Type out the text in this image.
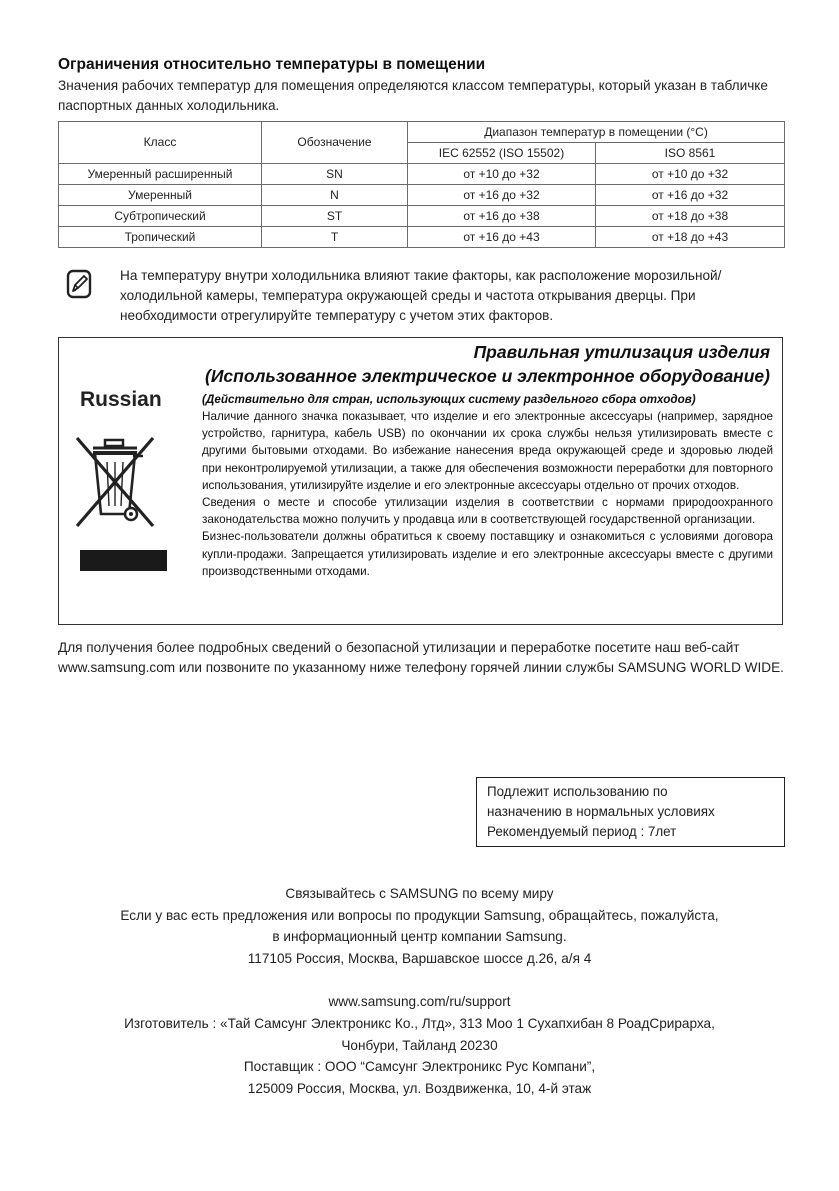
Ограничения относительно температуры в помещении
Значения рабочих температур для помещения определяются классом температуры, который указан в табличке паспортных данных холодильника.
Класс	Обозначение	Диапазон температур в помещении (°C)	
		IEC 62552 (ISO 15502)	ISO 8561
Умеренный расширенный	SN	от +10 до +32	от +10 до +32
Умеренный	N	от +16 до +32	от +16 до +32
Субтропический	ST	от +16 до +38	от +18 до +38
Тропический	T	от +16 до +43	от +18 до +43
На температуру внутри холодильника влияют такие факторы, как расположение морозильной/холодильной камеры, температура окружающей среды и частота открывания дверцы. При необходимости отрегулируйте температуру с учетом этих факторов.
Правильная утилизация изделия
(Использованное электрическое и электронное оборудование)
Russian	(Действительно для стран, использующих систему раздельного сбора отходов)

Наличие данного значка показывает, что изделие и его электронные аксессуары (например, зарядное устройство, гарнитура, кабель USB) по окончании их срока службы нельзя утилизировать вместе с другими бытовыми отходами. Во избежание нанесения вреда окружающей среде и здоровью людей при неконтролируемой утилизации, а также для обеспечения возможности переработки для повторного использования, утилизируйте изделие и его электронные аксессуары отдельно от прочих отходов.

Сведения о месте и способе утилизации изделия в соответствии с нормами природоохранного законодательства можно получить у продавца или в соответствующей государственной организации.

Бизнес-пользователи должны обратиться к своему поставщику и ознакомиться с условиями договора купли-продажи. Запрещается утилизировать изделие и его электронные аксессуары вместе с другими производственными отходами.

Для получения более подробных сведений о безопасной утилизации и переработке посетите наш веб-сайт www.samsung.com или позвоните по указанному ниже телефону горячей линии службы SAMSUNG WORLD WIDE.
Подлежит использованию по
назначению в нормальных условиях
Рекомендуемый период : 7лет
Связывайтесь с SAMSUNG по всему миру
Если у вас есть предложения или вопросы по продукции Samsung, обращайтесь, пожалуйста,
в информационный центр компании Samsung.
117105 Россия, Москва, Варшавское шоссе д.26, а/я 4
www.samsung.com/ru/support
Изготовитель : «Тай Самсунг Электроникс Ко., Лтд», 313 Моо 1 Сухапхибан 8 РоадСрирарха,
Чонбури, Тайланд 20230
Поставщик : ООО “Самсунг Электроникс Рус Компани”,
125009 Россия, Москва, ул. Воздвиженка, 10, 4-й этаж
